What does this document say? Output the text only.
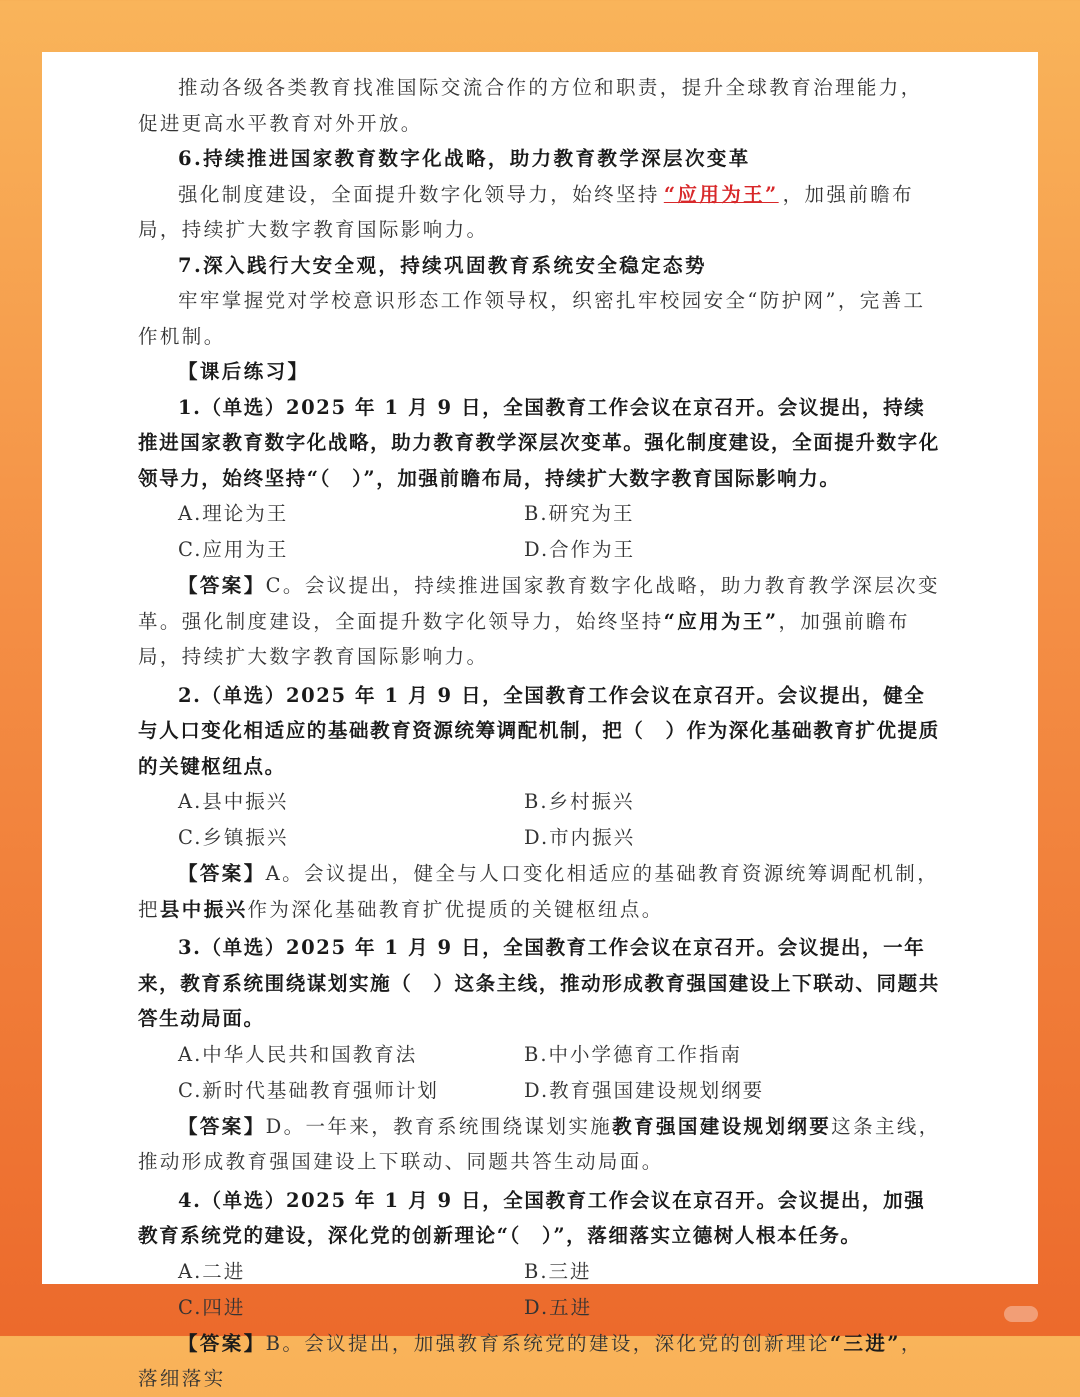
推动各级各类教育找准国际交流合作的方位和职责，提升全球教育治理能力，促进更高水平教育对外开放。

6.持续推进国家教育数字化战略，助力教育教学深层次变革

强化制度建设，全面提升数字化领导力，始终坚持 “应用为王” ，加强前瞻布局，持续扩大数字教育国际影响力。

7.深入践行大安全观，持续巩固教育系统安全稳定态势

牢牢掌握党对学校意识形态工作领导权，织密扎牢校园安全“防护网”，完善工作机制。

【课后练习】

1.（单选）2025 年 1 月 9 日，全国教育工作会议在京召开。会议提出，持续推进国家教育数字化战略，助力教育教学深层次变革。强化制度建设，全面提升数字化领导力，始终坚持“（　）”，加强前瞻布局，持续扩大数字教育国际影响力。

A.理论为王	B.研究为王
C.应用为王	D.合作为王

【答案】C。会议提出，持续推进国家教育数字化战略，助力教育教学深层次变革。强化制度建设，全面提升数字化领导力，始终坚持“应用为王”，加强前瞻布局，持续扩大数字教育国际影响力。

2.（单选）2025 年 1 月 9 日，全国教育工作会议在京召开。会议提出，健全与人口变化相适应的基础教育资源统筹调配机制，把（　）作为深化基础教育扩优提质的关键枢纽点。

A.县中振兴	B.乡村振兴
C.乡镇振兴	D.市内振兴

【答案】A。会议提出，健全与人口变化相适应的基础教育资源统筹调配机制，把县中振兴作为深化基础教育扩优提质的关键枢纽点。

3.（单选）2025 年 1 月 9 日，全国教育工作会议在京召开。会议提出，一年来，教育系统围绕谋划实施（　）这条主线，推动形成教育强国建设上下联动、同题共答生动局面。

A.中华人民共和国教育法	B.中小学德育工作指南
C.新时代基础教育强师计划	D.教育强国建设规划纲要

【答案】D。一年来，教育系统围绕谋划实施教育强国建设规划纲要这条主线，推动形成教育强国建设上下联动、同题共答生动局面。

4.（单选）2025 年 1 月 9 日，全国教育工作会议在京召开。会议提出，加强教育系统党的建设，深化党的创新理论“（　）”，落细落实立德树人根本任务。

A.二进	B.三进
C.四进	D.五进

【答案】B。会议提出，加强教育系统党的建设，深化党的创新理论“三进”，落细落实
